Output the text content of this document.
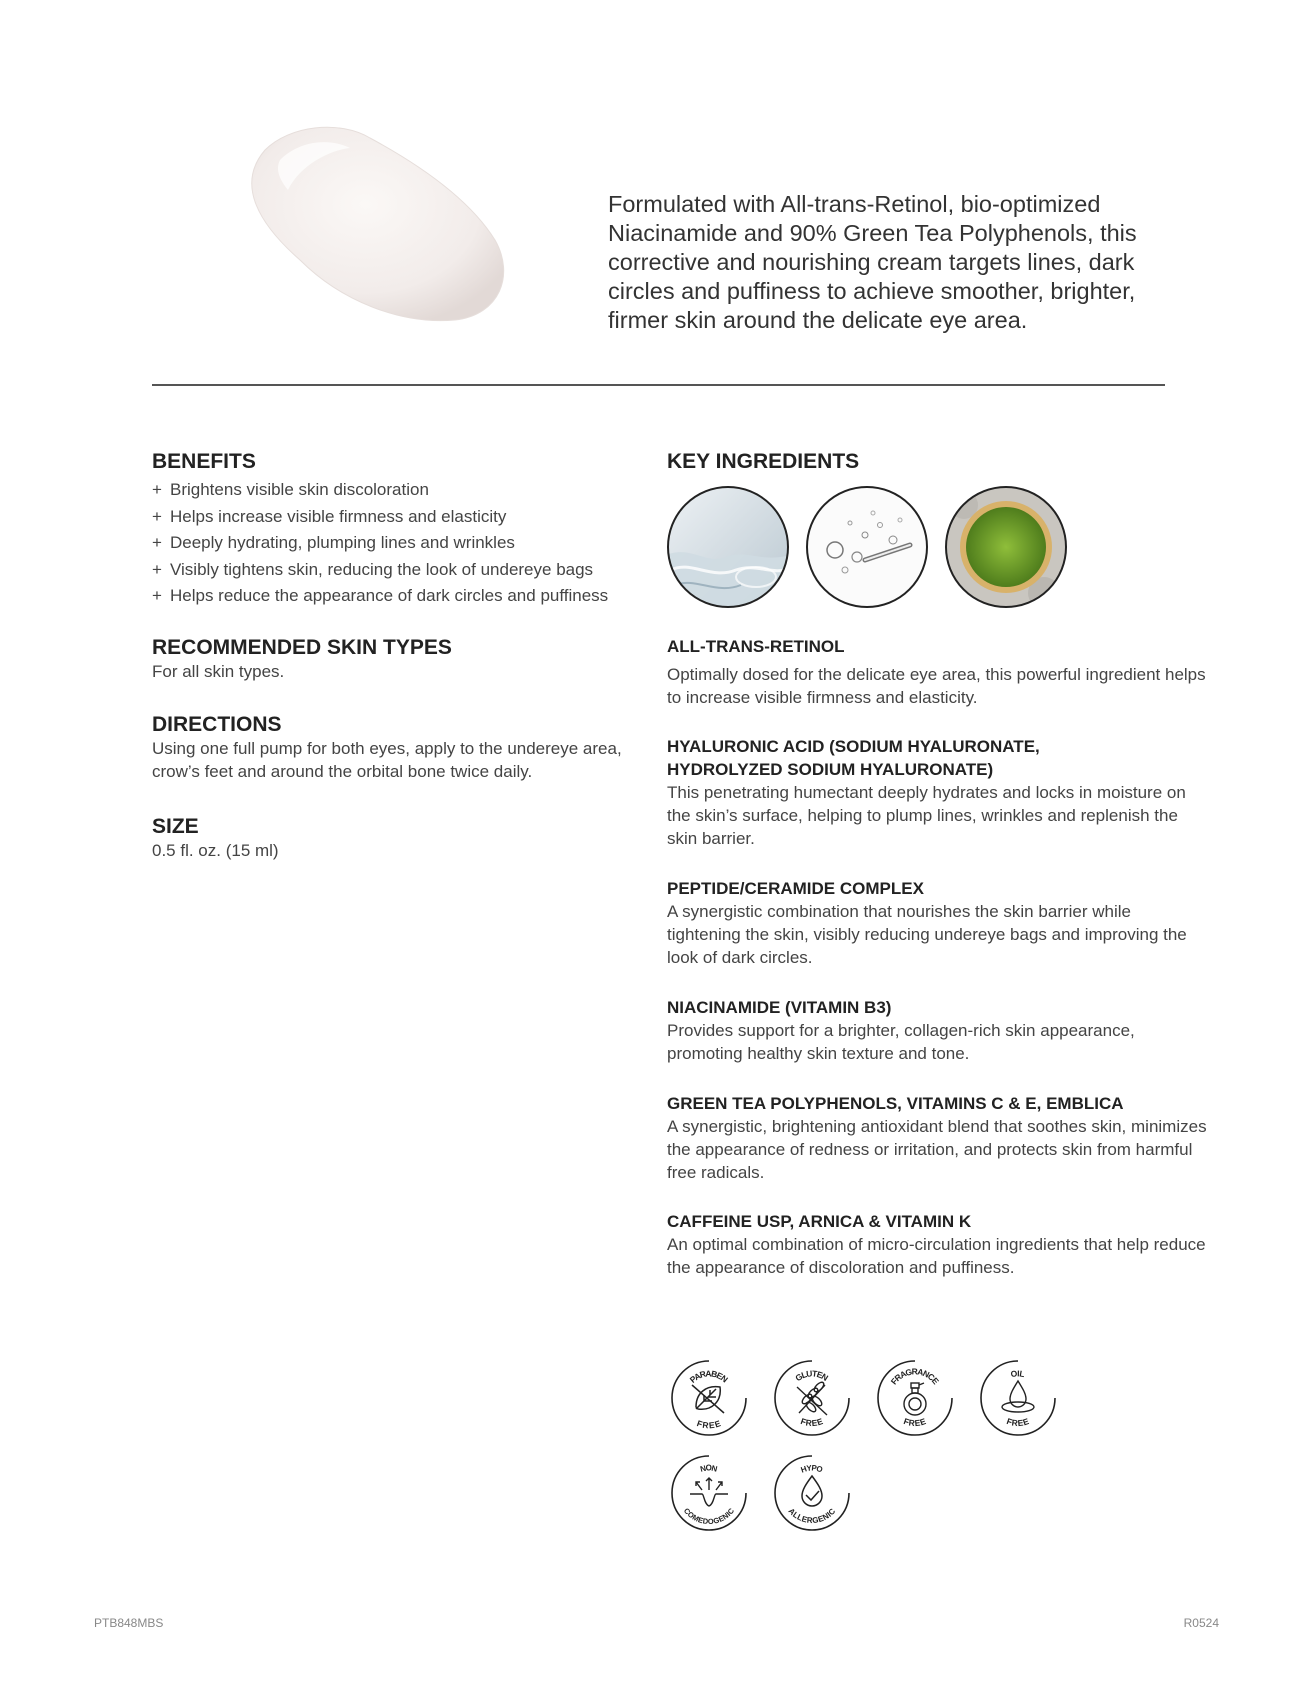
Formulated with All-trans-Retinol, bio-optimized Niacinamide and 90% Green Tea Polyphenols, this corrective and nourishing cream targets lines, dark circles and puffiness to achieve smoother, brighter, firmer skin around the delicate eye area.

BENEFITS
+ Brightens visible skin discoloration
+ Helps increase visible firmness and elasticity
+ Deeply hydrating, plumping lines and wrinkles
+ Visibly tightens skin, reducing the look of undereye bags
+ Helps reduce the appearance of dark circles and puffiness
RECOMMENDED SKIN TYPES

For all skin types.

DIRECTIONS

Using one full pump for both eyes, apply to the undereye area, crow’s feet and around the orbital bone twice daily.

SIZE

0.5 fl. oz. (15 ml)

KEY INGREDIENTS

ALL-TRANS-RETINOL

Optimally dosed for the delicate eye area, this powerful ingredient helps to increase visible firmness and elasticity.

HYALURONIC ACID (SODIUM HYALURONATE, HYDROLYZED SODIUM HYALURONATE)

This penetrating humectant deeply hydrates and locks in moisture on the skin’s surface, helping to plump lines, wrinkles and replenish the skin barrier.

PEPTIDE/CERAMIDE COMPLEX

A synergistic combination that nourishes the skin barrier while tightening the skin, visibly reducing undereye bags and improving the look of dark circles.

NIACINAMIDE (VITAMIN B3)

Provides support for a brighter, collagen-rich skin appearance, promoting healthy skin texture and tone.

GREEN TEA POLYPHENOLS, VITAMINS C & E, EMBLICA

A synergistic, brightening antioxidant blend that soothes skin, minimizes the appearance of redness or irritation, and protects skin from harmful free radicals.

CAFFEINE USP, ARNICA & VITAMIN K

An optimal combination of micro-circulation ingredients that help reduce the appearance of discoloration and puffiness.

PARABEN
FREE
GLUTEN
FREE
FRAGRANCE
FREE
OIL
FREE
NON
COMEDOGENIC
HYPO
ALLERGENIC
PTB848MBS	R0524
